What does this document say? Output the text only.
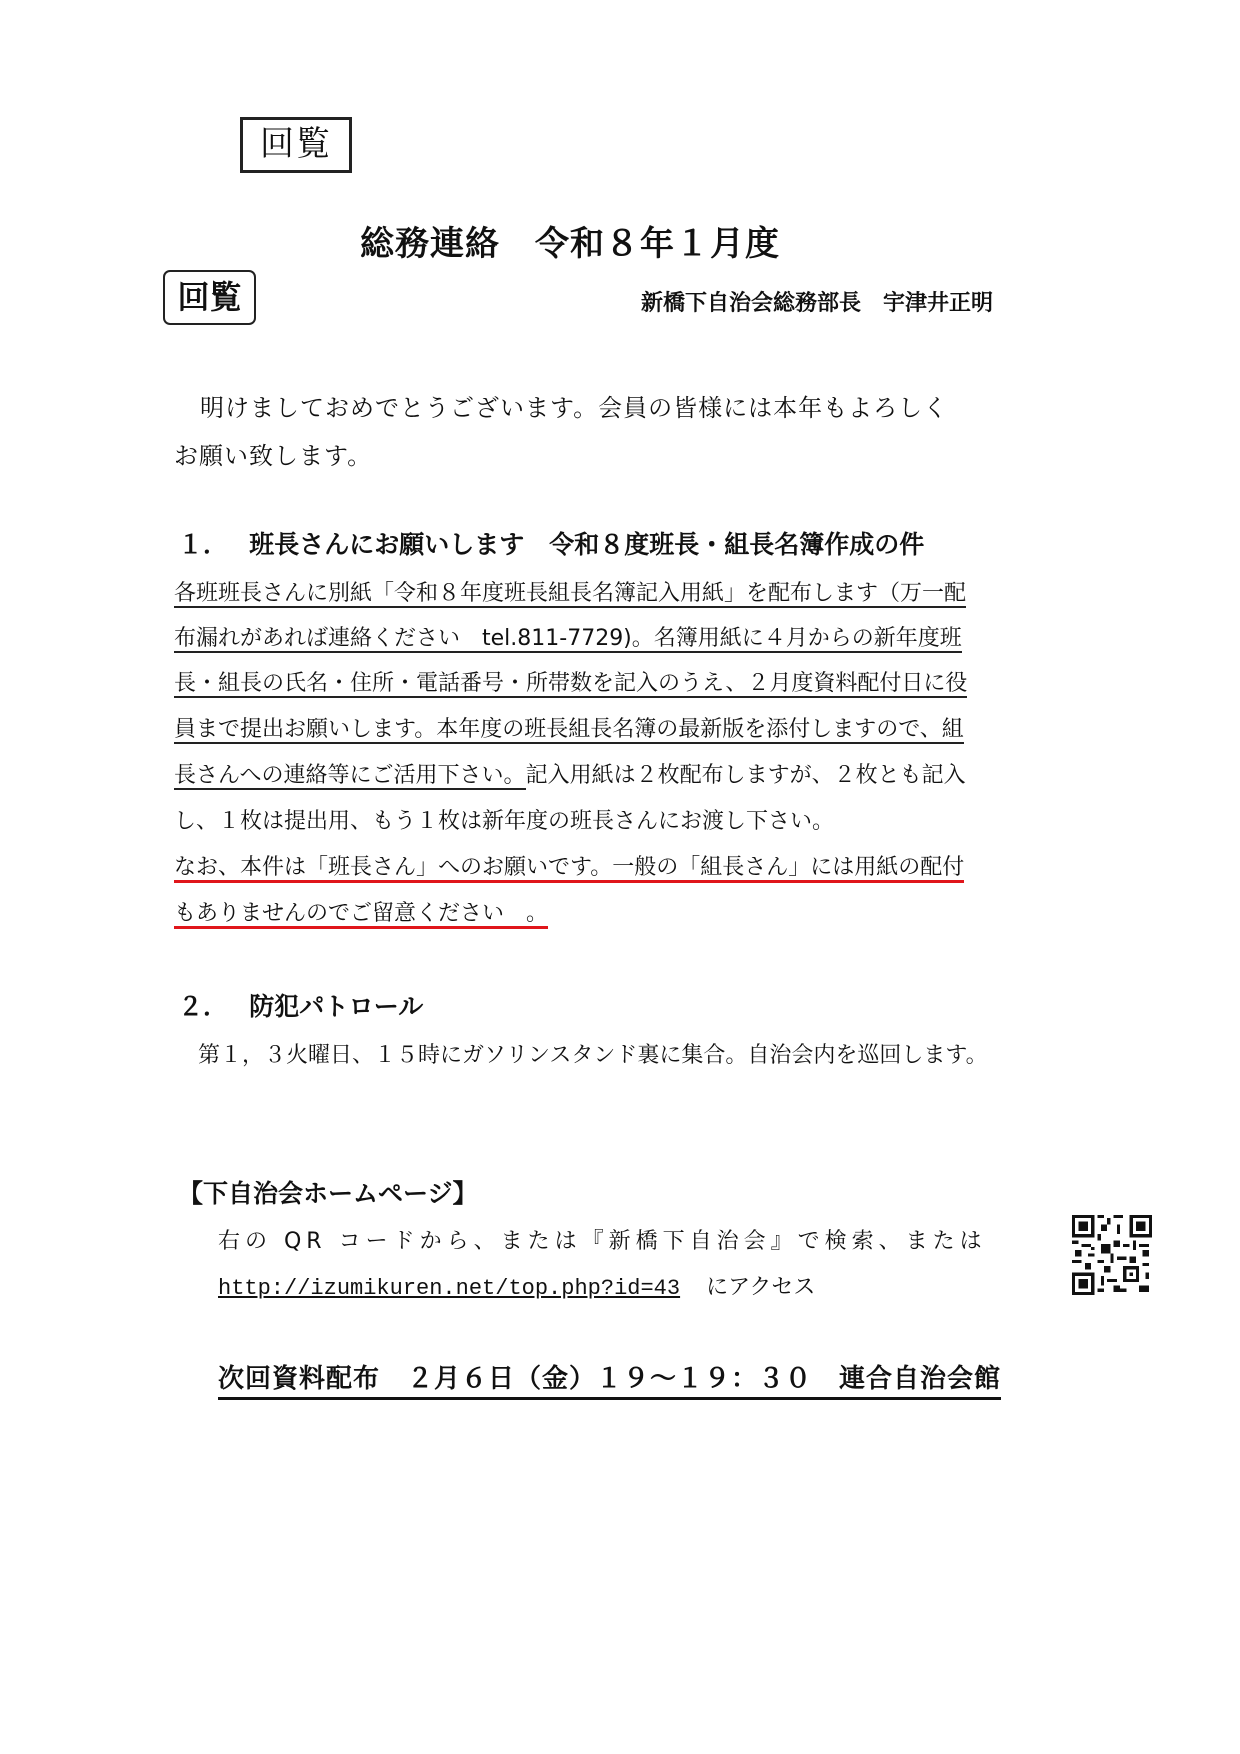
回覧
回覧
総務連絡　令和８年１月度
新橋下自治会総務部長　宇津井正明
明けましておめでとうございます。会員の皆様には本年もよろしく
お願い致します。
１．　 班長さんにお願いします　令和８度班長・組長名簿作成の件
各班班長さんに別紙「令和８年度班長組長名簿記入用紙」を配布します（万一配
布漏れがあれば連絡ください　tel.811-7729)。名簿用紙に４月からの新年度班
長・組長の氏名・住所・電話番号・所帯数を記入のうえ、２月度資料配付日に役
員まで提出お願いします。本年度の班長組長名簿の最新版を添付しますので、組
長さんへの連絡等にご活用下さい。記入用紙は２枚配布しますが、２枚とも記入
し、１枚は提出用、もう１枚は新年度の班長さんにお渡し下さい。
なお、本件は「班長さん」へのお願いです。一般の「組長さん」には用紙の配付
もありませんのでご留意ください　。
２．　 防犯パトロール
第１，３火曜日、１５時にガソリンスタンド裏に集合。自治会内を巡回します。
【下自治会ホームページ】
右の QR コードから、または『新橋下自治会』で検索、または
http://izumikuren.net/top.php?id=43 にアクセス
次回資料配布　２月６日（金）１９～１９：３０　連合自治会館
